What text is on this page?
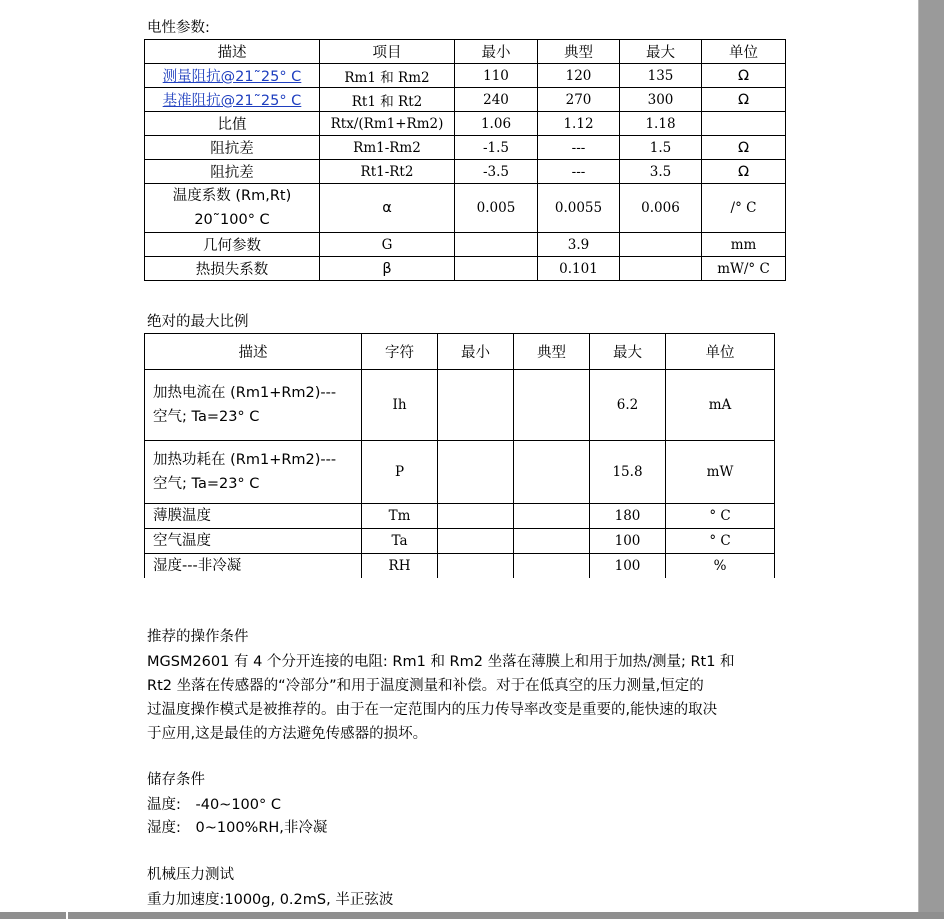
电性参数:
描述	项目	最小	典型	最大	单位
测量阻抗@21˜25° C	Rm1 和 Rm2	110	120	135	Ω
基准阻抗@21˜25° C	Rt1 和 Rt2	240	270	300	Ω
比值	Rtx/(Rm1+Rm2)	1.06	1.12	1.18	
阻抗差	Rm1-Rm2	-1.5	---	1.5	Ω
阻抗差	Rt1-Rt2	-3.5	---	3.5	Ω

温度系数 (Rm,Rt)
20˜100° C	α	0.005	0.0055	0.006	/° C
几何参数	G		3.9		mm
热损失系数	β		0.101		mW/° C
绝对的最大比例
描述	字符	最小	典型	最大	单位

加热电流在 (Rm1+Rm2)---
空气; Ta=23° C	Ih			6.2	mA

加热功耗在 (Rm1+Rm2)---
空气; Ta=23° C	P			15.8	mW
薄膜温度	Tm			180	° C
空气温度	Ta			100	° C
湿度---非冷凝	RH			100	%
推荐的操作条件
MGSM2601 有 4 个分开连接的电阻: Rm1 和 Rm2 坐落在薄膜上和用于加热/测量; Rt1 和
Rt2 坐落在传感器的“冷部分”和用于温度测量和补偿。对于在低真空的压力测量,恒定的
过温度操作模式是被推荐的。由于在一定范围内的压力传导率改变是重要的,能快速的取决
于应用,这是最佳的方法避免传感器的损坏。
储存条件
温度: -40~100° C
湿度: 0~100%RH,非冷凝
机械压力测试
重力加速度:1000g, 0.2mS, 半正弦波
